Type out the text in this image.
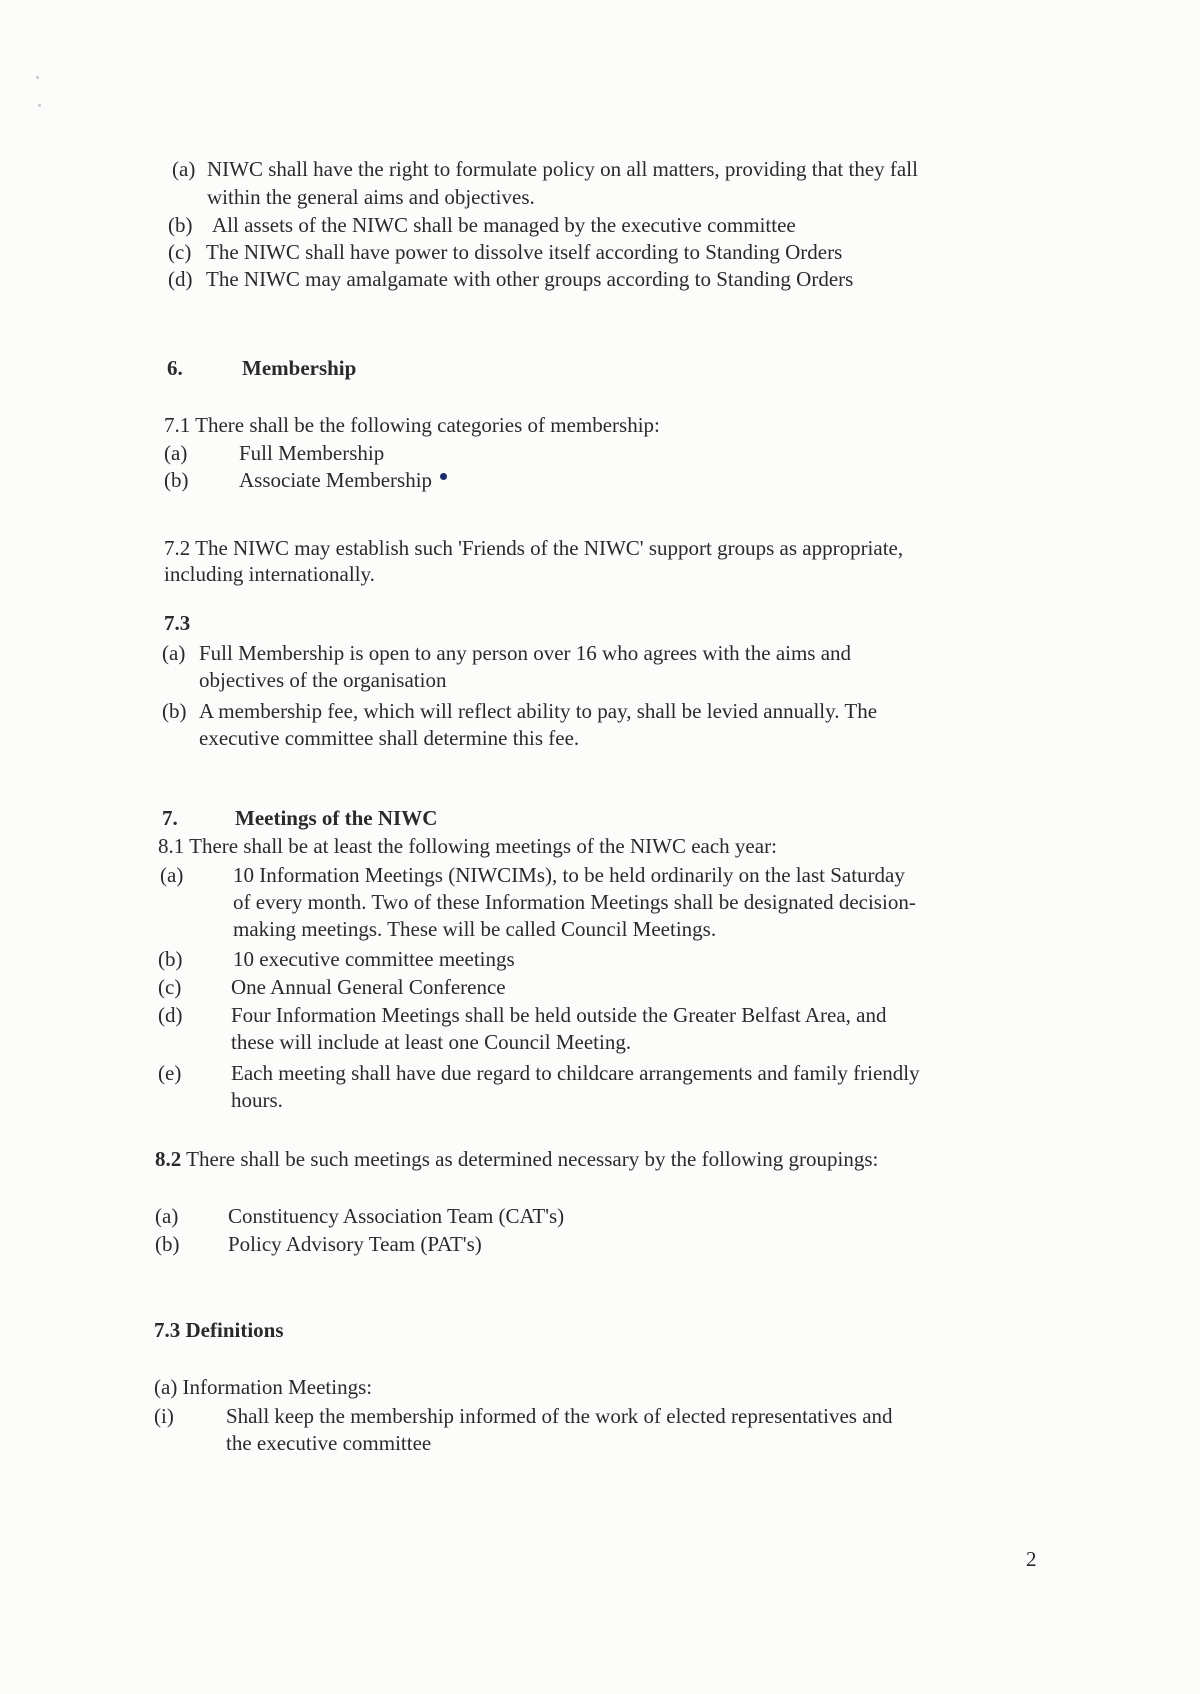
(a) NIWC shall have the right to formulate policy on all matters, providing that they fall
within the general aims and objectives.
(b) All assets of the NIWC shall be managed by the executive committee
(c) The NIWC shall have power to dissolve itself according to Standing Orders
(d) The NIWC may amalgamate with other groups according to Standing Orders
6.	Membership
7.1 There shall be the following categories of membership:
(a) Full Membership
(b) Associate Membership
7.2 The NIWC may establish such 'Friends of the NIWC' support groups as appropriate,
including internationally.
7.3
(a) Full Membership is open to any person over 16 who agrees with the aims and
objectives of the organisation
(b) A membership fee, which will reflect ability to pay, shall be levied annually. The
executive committee shall determine this fee.
7.	Meetings of the NIWC
8.1 There shall be at least the following meetings of the NIWC each year:
(a) 10 Information Meetings (NIWCIMs), to be held ordinarily on the last Saturday
of every month. Two of these Information Meetings shall be designated decision-
making meetings. These will be called Council Meetings.
(b) 10 executive committee meetings
(c) One Annual General Conference
(d) Four Information Meetings shall be held outside the Greater Belfast Area, and
these will include at least one Council Meeting.
(e) Each meeting shall have due regard to childcare arrangements and family friendly
hours.
8.2 There shall be such meetings as determined necessary by the following groupings:
(a) Constituency Association Team (CAT's)
(b) Policy Advisory Team (PAT's)
7.3 Definitions
(a) Information Meetings:
(i) Shall keep the membership informed of the work of elected representatives and
the executive committee
2
